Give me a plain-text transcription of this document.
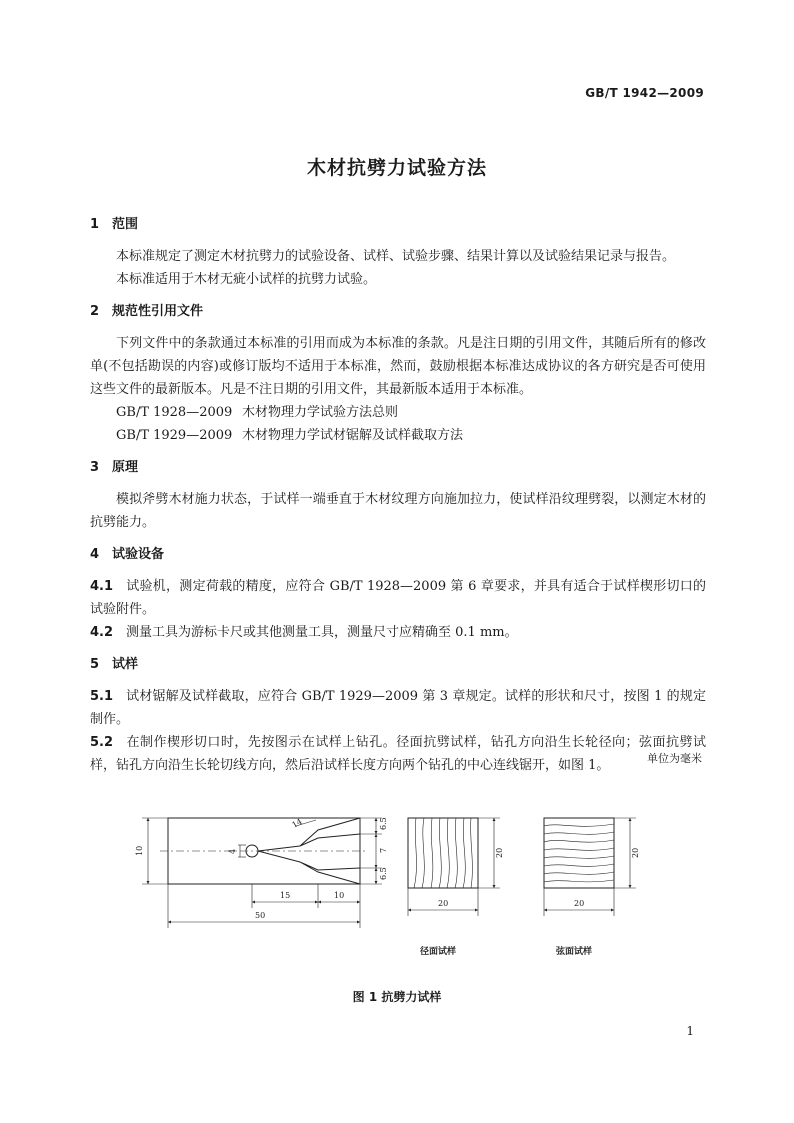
GB/T 1942—2009
木材抗劈力试验方法

1 范围

本标准规定了测定木材抗劈力的试验设备、试样、试验步骤、结果计算以及试验结果记录与报告。

本标准适用于木材无疵小试样的抗劈力试验。

2 规范性引用文件

下列文件中的条款通过本标准的引用而成为本标准的条款。凡是注日期的引用文件，其随后所有的修改单(不包括勘误的内容)或修订版均不适用于本标准，然而，鼓励根据本标准达成协议的各方研究是否可使用这些文件的最新版本。凡是不注日期的引用文件，其最新版本适用于本标准。

GB/T 1928—2009 木材物理力学试验方法总则

GB/T 1929—2009 木材物理力学试材锯解及试样截取方法

3 原理

模拟斧劈木材施力状态，于试样一端垂直于木材纹理方向施加拉力，使试样沿纹理劈裂，以测定木材的抗劈能力。

4 试验设备

4.1 试验机，测定荷载的精度，应符合 GB/T 1928—2009 第 6 章要求，并具有适合于试样楔形切口的试验附件。

4.2 测量工具为游标卡尺或其他测量工具，测量尺寸应精确至 0.1 mm。

5 试样

5.1 试材锯解及试样截取，应符合 GB/T 1929—2009 第 3 章规定。试样的形状和尺寸，按图 1 的规定制作。

5.2 在制作楔形切口时，先按图示在试样上钻孔。径面抗劈试样，钻孔方向沿生长轮径向；弦面抗劈试样，钻孔方向沿生长轮切线方向，然后沿试样长度方向两个钻孔的中心连线锯开，如图 1。	单位为毫米
14	6.5
7
6.5
4
10
15	10
50
20
20
径面试样
20
20
弦面试样
图 1 抗劈力试样
1
